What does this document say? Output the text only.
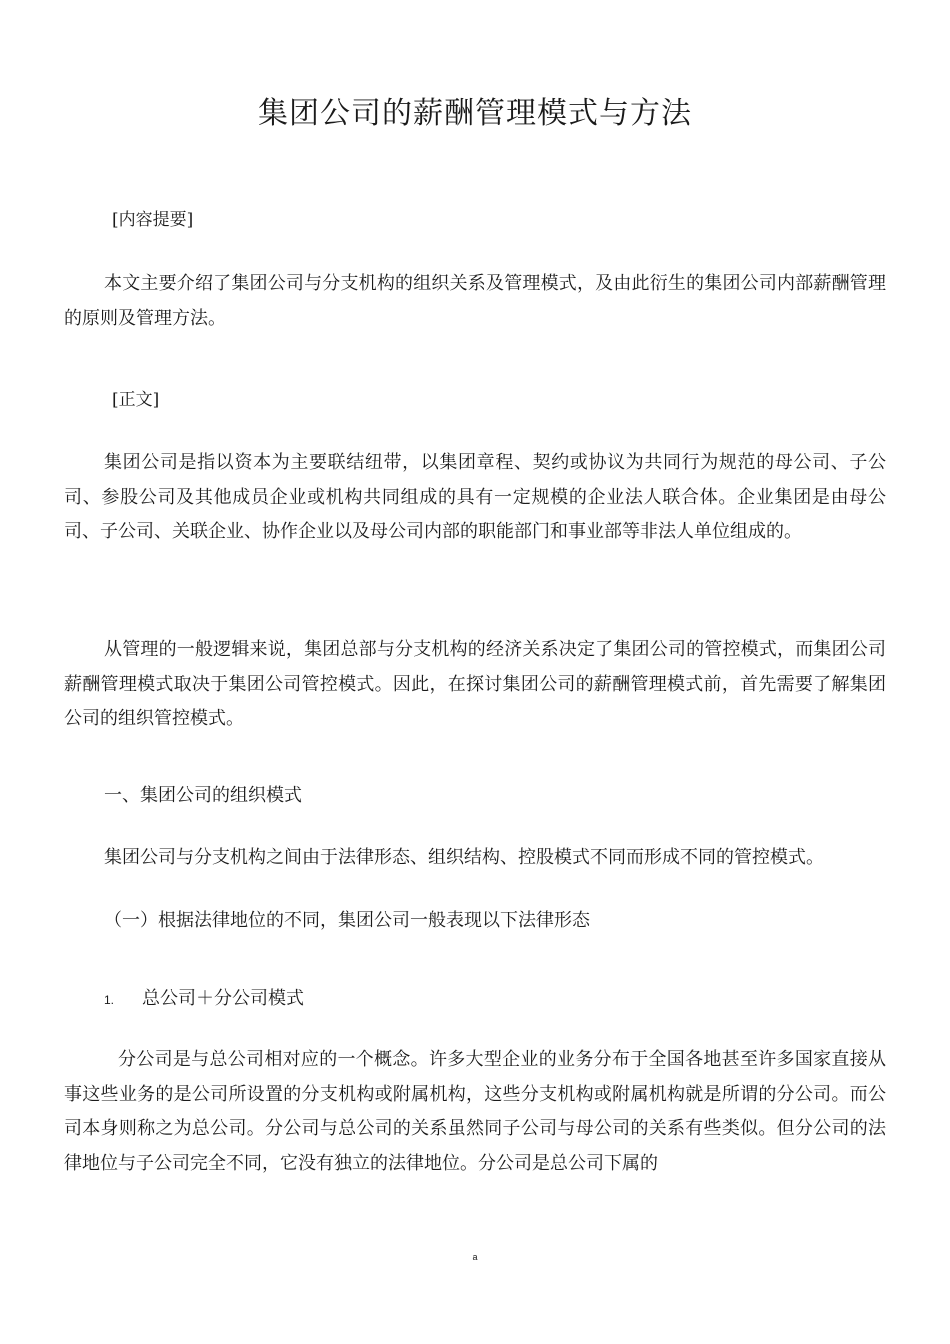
集团公司的薪酬管理模式与方法

[内容提要]

本文主要介绍了集团公司与分支机构的组织关系及管理模式，及由此衍生的集团公司内部薪酬管理的原则及管理方法。

[正文]

集团公司是指以资本为主要联结纽带，以集团章程、契约或协议为共同行为规范的母公司、子公司、参股公司及其他成员企业或机构共同组成的具有一定规模的企业法人联合体。企业集团是由母公司、子公司、关联企业、协作企业以及母公司内部的职能部门和事业部等非法人单位组成的。

从管理的一般逻辑来说，集团总部与分支机构的经济关系决定了集团公司的管控模式，而集团公司薪酬管理模式取决于集团公司管控模式。因此，在探讨集团公司的薪酬管理模式前，首先需要了解集团公司的组织管控模式。

一、集团公司的组织模式

集团公司与分支机构之间由于法律形态、组织结构、控股模式不同而形成不同的管控模式。

（一）根据法律地位的不同，集团公司一般表现以下法律形态

1. 总公司＋分公司模式

分公司是与总公司相对应的一个概念。许多大型企业的业务分布于全国各地甚至许多国家直接从事这些业务的是公司所设置的分支机构或附属机构，这些分支机构或附属机构就是所谓的分公司。而公司本身则称之为总公司。分公司与总公司的关系虽然同子公司与母公司的关系有些类似。但分公司的法律地位与子公司完全不同，它没有独立的法律地位。分公司是总公司下属的

a
